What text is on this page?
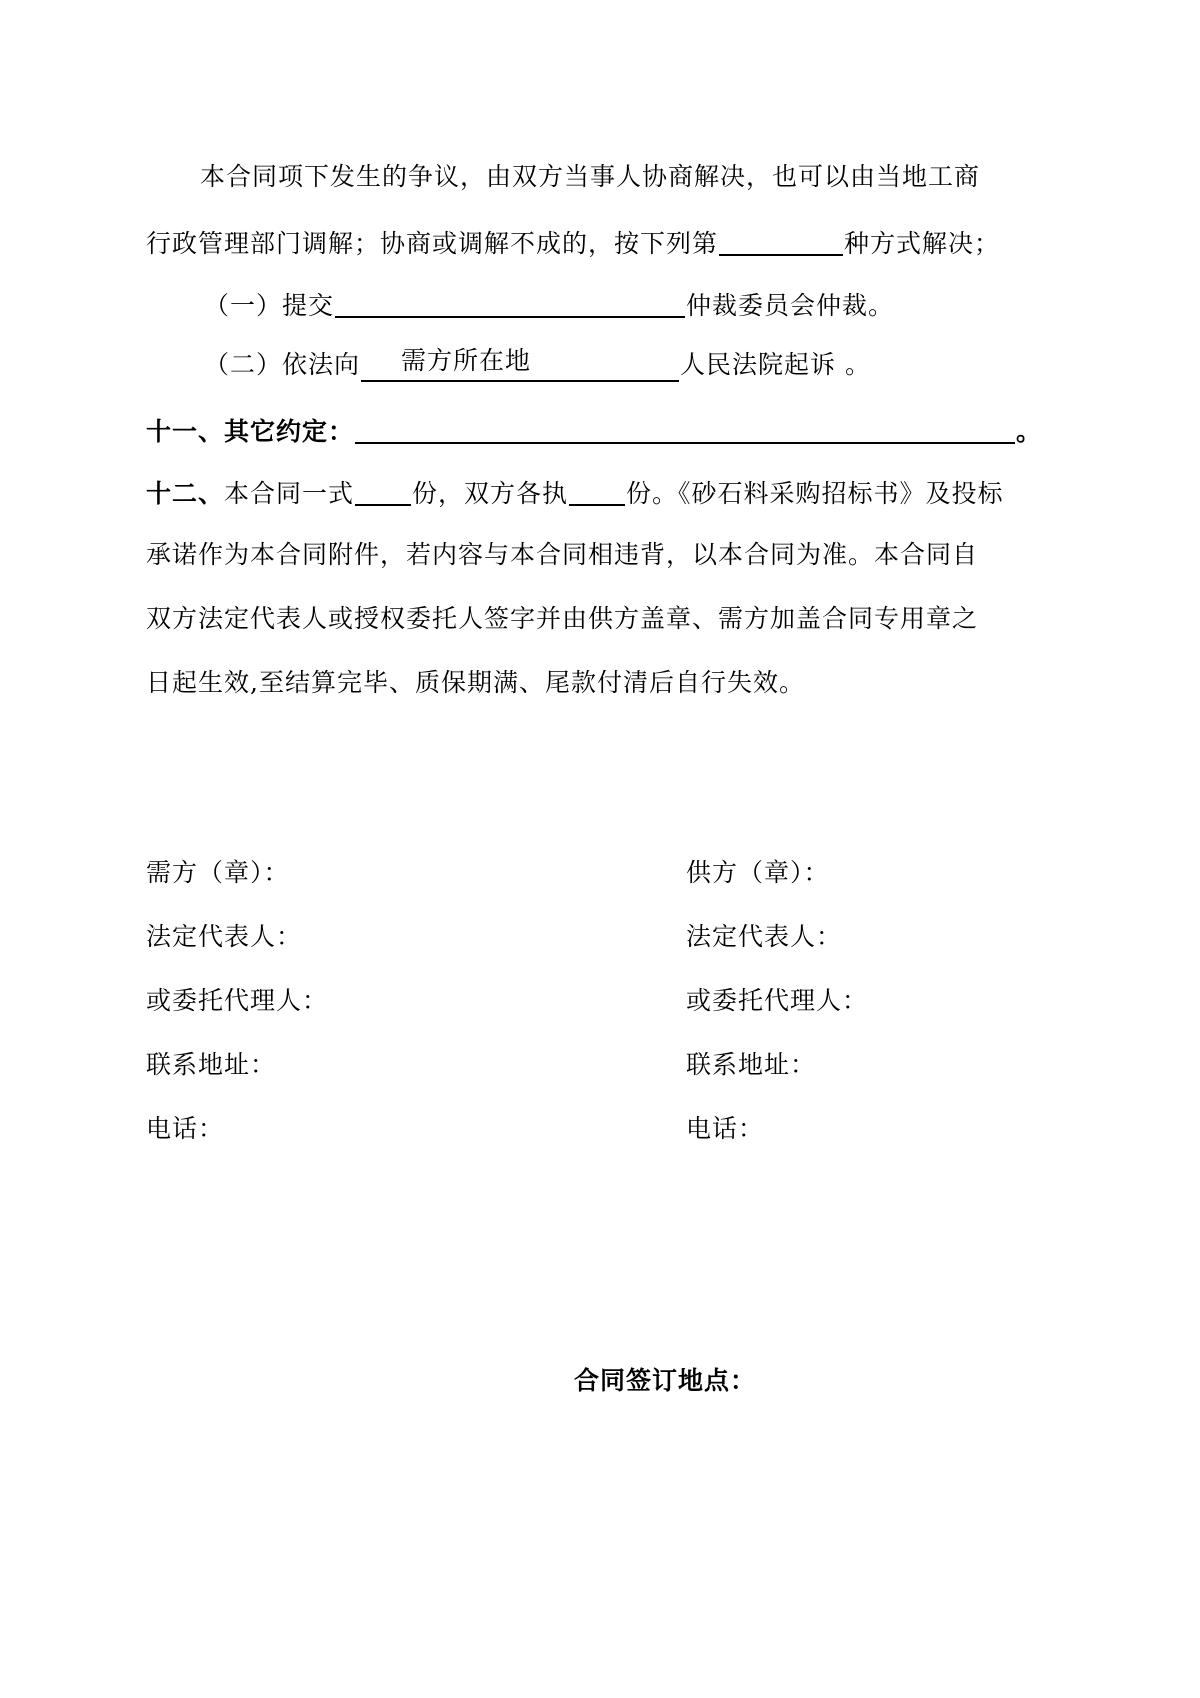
本合同项下发生的争议，由双方当事人协商解决，也可以由当地工商
行政管理部门调解；协商或调解不成的，按下列第	种方式解决；
（一）提交	仲裁委员会仲裁。
（二）依法向 需方所在地	人民法院起诉 。
十一、其它约定：	。
十二、本合同一式 份，双方各执 份。《砂石料采购招标书》及投标
承诺作为本合同附件，若内容与本合同相违背，以本合同为准。本合同自
双方法定代表人或授权委托人签字并由供方盖章、需方加盖合同专用章之
日起生效,至结算完毕、质保期满、尾款付清后自行失效。
需方（章）：
法定代表人：
或委托代理人：
联系地址：
电话：
供方（章）：
法定代表人：
或委托代理人：
联系地址：
电话：
合同签订地点：
